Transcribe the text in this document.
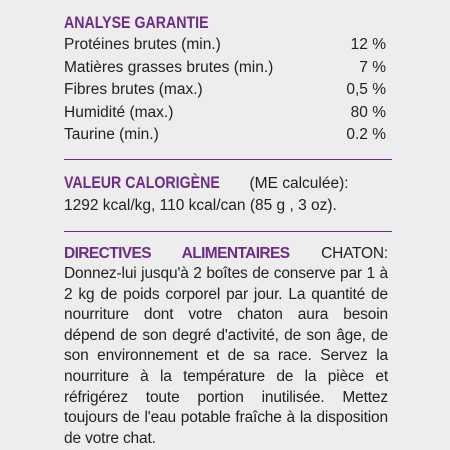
ANALYSE GARANTIE
Protéines brutes (min.)	12 %
Matières grasses brutes (min.)	7 %
Fibres brutes (max.)	0,5 %
Humidité (max.)	80 %
Taurine (min.)	0.2 %
VALEUR CALORIGÈNE (ME calculée):
1292 kcal/kg, 110 kcal/can (85 g , 3 oz).
DIRECTIVES ALIMENTAIRES CHATON: Donnez-lui jusqu'à 2 boîtes de conserve par 1 à 2 kg de poids corporel par jour. La quantité de nourriture dont votre chaton aura besoin dépend de son degré d'activité, de son âge, de son environnement et de sa race. Servez la nourriture à la température de la pièce et réfrigérez toute portion inutilisée. Mettez toujours de l'eau potable fraîche à la disposition de votre chat.
